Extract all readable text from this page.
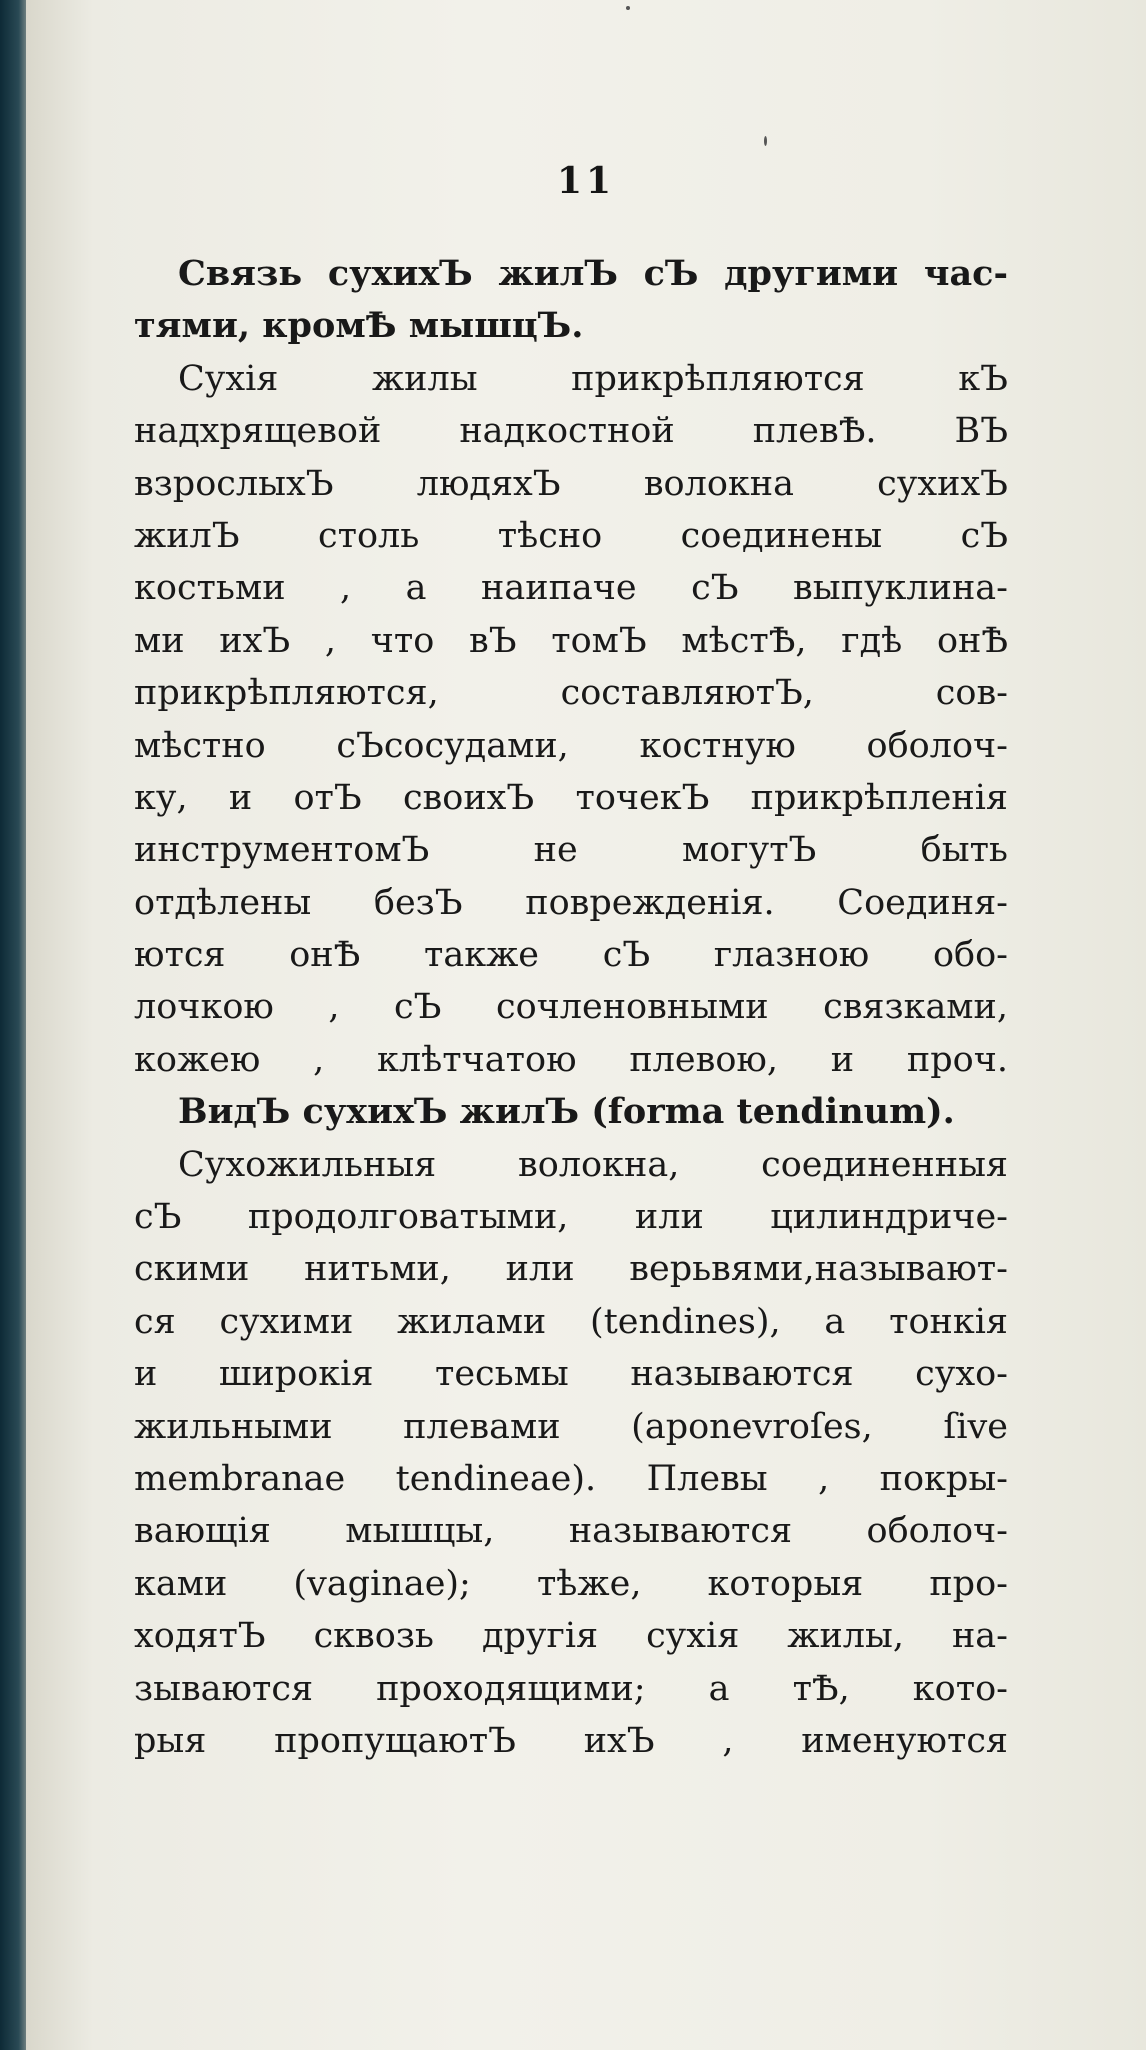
11
Связь сухихЪ жилЪ сЪ другими час-
тями, кромѢ мышцЪ.
Сухія жилы прикрѣпляются кЪ
надхрящевой надкостной плевѢ. ВЪ
взрослыхЪ людяхЪ волокна сухихЪ
жилЪ столь тѣсно соединены сЪ
костьми , а наипаче сЪ выпуклина-
ми ихЪ , что вЪ томЪ мѣстѢ, гдѣ онѢ
прикрѣпляются, составляютЪ, сов-
мѣстно сЪсосудами, костную оболоч-
ку, и отЪ своихЪ точекЪ прикрѣпленія
инструментомЪ не могутЪ быть
отдѣлены безЪ поврежденія. Соединя-
ются онѢ также сЪ глазною обо-
лочкою , сЪ сочленовными связками,
кожею , клѣтчатою плевою, и проч.
ВидЪ сухихЪ жилЪ (forma tendinum).
Сухожильныя волокна, соединенныя
сЪ продолговатыми, или цилиндриче-
скими нитьми, или верьвями,называют-
ся сухими жилами (tendines), а тонкія
и широкія тесьмы называются сухо-
жильными плевами (aponevroſes, ſive
membranae tendineae). Плевы , покры-
вающія мышцы, называются оболоч-
ками (vaginae); тѣже, которыя про-
ходятЪ сквозь другія сухія жилы, на-
зываются проходящими; а тѢ, кото-
рыя пропущаютЪ ихЪ , именуются
